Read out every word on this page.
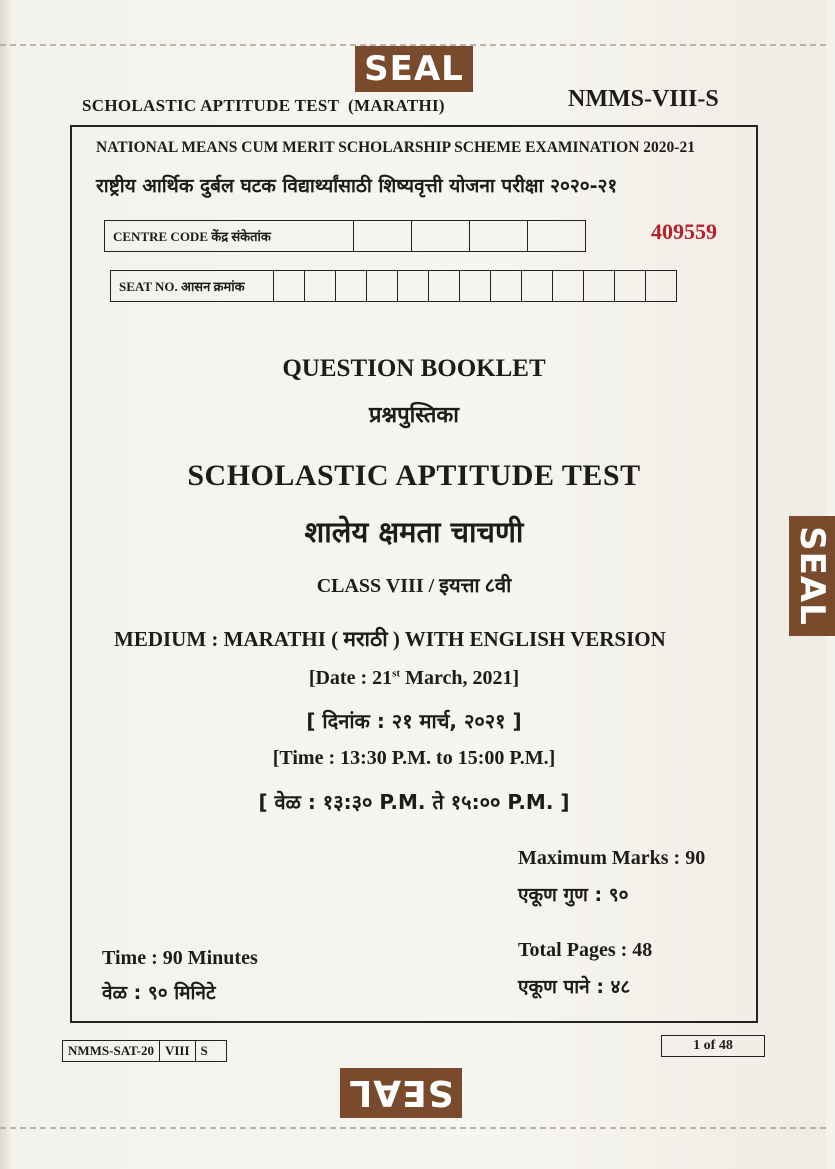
SEAL
SEAL
SEAL
SCHOLASTIC APTITUDE TEST  (MARATHI)	NMMS-VIII-S
NATIONAL MEANS CUM MERIT SCHOLARSHIP SCHEME EXAMINATION 2020-21
राष्ट्रीय आर्थिक दुर्बल घटक विद्यार्थ्यांसाठी शिष्यवृत्ती योजना परीक्षा २०२०-२१
CENTRE CODE केंद्र संकेतांक	409559
SEAT NO. आसन क्रमांक
QUESTION BOOKLET
प्रश्नपुस्तिका
SCHOLASTIC APTITUDE TEST
शालेय क्षमता चाचणी
CLASS VIII / इयत्ता ८वी
MEDIUM : MARATHI ( मराठी ) WITH ENGLISH VERSION
[Date : 21st March, 2021]
[ दिनांक : २१ मार्च, २०२१ ]
[Time : 13:30 P.M. to 15:00 P.M.]
[ वेळ : १३:३० P.M. ते १५:०० P.M. ]
Maximum Marks : 90
एकूण गुण : ९०
Total Pages : 48
एकूण पाने : ४८
Time : 90 Minutes
वेळ : ९० मिनिटे
NMMS-SAT-20 VIII S	1 of 48
